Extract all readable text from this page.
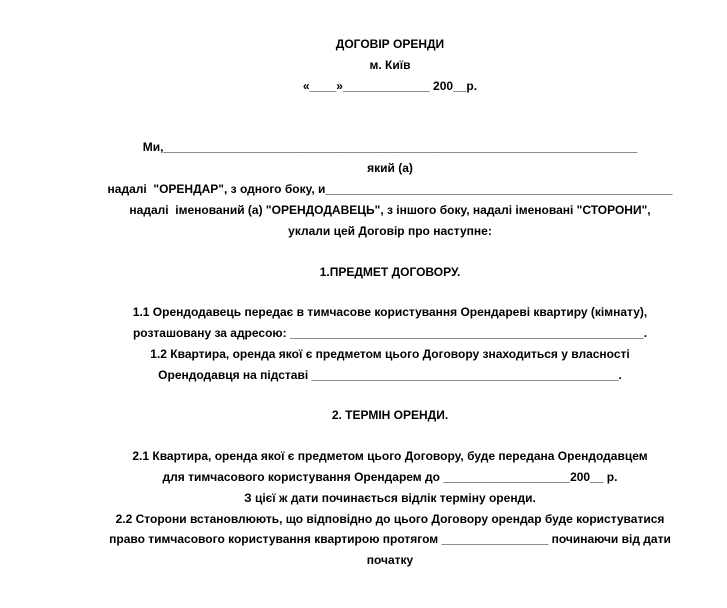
ДОГОВІР ОРЕНДИ
м. Київ
«____»_____________ 200__р.
Ми,_______________________________________________________________________
який (а)
надалі  "ОРЕНДАР", з одного боку, и____________________________________________________
надалі  іменований (а) "ОРЕНДОДАВЕЦЬ", з іншого боку, надалі іменовані "СТОРОНИ",
уклали цей Договір про наступне:
1.ПРЕДМЕТ ДОГОВОРУ.
1.1 Орендодавець передає в тимчасове користування Орендареві квартиру (кімнату),
розташовану за адресою: _____________________________________________________.
1.2 Квартира, оренда якої є предметом цього Договору знаходиться у власності
Орендодавця на підставі ______________________________________________.
2. ТЕРМІН ОРЕНДИ.
2.1 Квартира, оренда якої є предметом цього Договору, буде передана Орендодавцем
для тимчасового користування Орендарем до ___________________200__ р.
З цієї ж дати починається відлік терміну оренди.
2.2 Сторони встановлюють, що відповідно до цього Договору орендар буде користуватися
право тимчасового користування квартирою протягом ________________ починаючи від дати
початку
